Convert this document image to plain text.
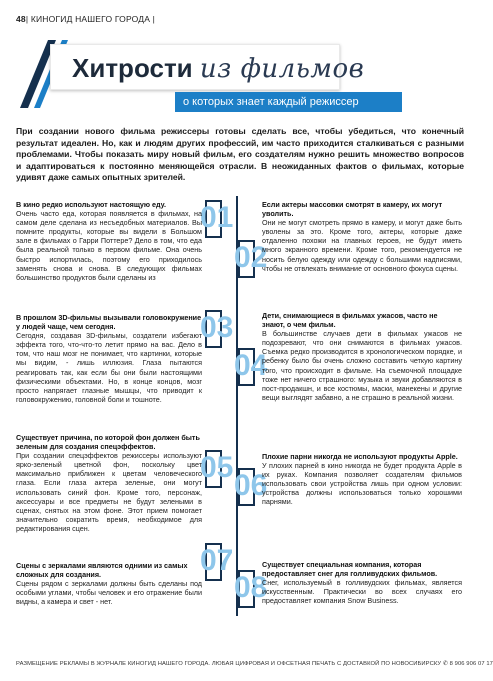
48| КИНОГИД НАШЕГО ГОРОДА |
Хитрости из фильмов
о которых знает каждый режиссер
При создании нового фильма режиссеры готовы сделать все, чтобы убедиться, что конечный результат идеален. Но, как и людям других профессий, им часто приходится сталкиваться с разными проблемами. Чтобы показать миру новый фильм, его создателям нужно решить множество вопросов и адаптироваться к постоянно меняющейся отрасли. В неожиданных фактов о фильмах, которые удивят даже самых опытных зрителей.
01
02
03
04
05
06
07
08
В кино редко используют настоящую еду.
Очень часто еда, которая появляется в фильмах, на самом деле сделана из несъедобных материалов. Вы помните продукты, которые вы видели в Большом зале в фильмах о Гарри Поттере? Дело в том, что еда была реальной только в первом фильме. Она очень быстро испортилась, поэтому его приходилось заменять снова и снова. В следующих фильмах большинство продуктов были сделаны из
В прошлом 3D-фильмы вызывали головокружение у людей чаще, чем сегодня.
Сегодня, создавая 3D-фильмы, создатели избегают эффекта того, что-что-то летит прямо на вас. Дело в том, что наш мозг не понимает, что картинки, которые мы видим, - лишь иллюзия. Глаза пытаются реагировать так, как если бы они были настоящими физическими объектами. Но, в конце концов, мозг просто напрягает глазные мышцы, что приводит к головокружению, головной боли и тошноте.
Существует причина, по которой фон должен быть зеленым для создания спецэффектов.
При создании спецэффектов режиссеры используют ярко-зеленый цветной фон, поскольку цвет максимально приближен к цветам человеческого глаза. Если глаза актера зеленые, они могут использовать синий фон. Кроме того, персонаж, аксессуары и все предметы не будут зелеными в сценах, снятых на этом фоне. Этот прием помогает значительно сократить время, необходимое для редактирования сцен.
Сцены с зеркалами являются одними из самых сложных для создания.
Сцены рядом с зеркалами должны быть сделаны под особыми углами, чтобы человек и его отражение были видны, а камера и свет - нет.
Если актеры массовки смотрят в камеру, их могут уволить.
Они не могут смотреть прямо в камеру, и могут даже быть уволены за это. Кроме того, актеры, которые даже отдаленно похожи на главных героев, не будут иметь много экранного времени. Кроме того, рекомендуется не носить белую одежду или одежду с большими надписями, чтобы не отвлекать внимание от основного фокуса сцены.
Дети, снимающиеся в фильмах ужасов, часто не знают, о чем фильм.
В большинстве случаев дети в фильмах ужасов не подозревают, что они снимаются в фильмах ужасов. Съемка редко производится в хронологическом порядке, и ребенку было бы очень сложно составить четкую картину того, что происходит в фильме. На съемочной площадке тоже нет ничего страшного: музыка и звуки добавляются в пост-продакшн, и все костюмы, маски, манекены и другие вещи выглядят забавно, а не страшно в реальной жизни.
Плохие парни никогда не используют продукты Apple.
У плохих парней в кино никогда не будет продукта Apple в их руках. Компания позволяет создателям фильмов использовать свои устройства лишь при одном условии: устройства должны использоваться только хорошими парнями.
Существует специальная компания, которая предоставляет снег для голливудских фильмов.
Снег, используемый в голливудских фильмах, является искусственным. Практически во всех случаях его предоставляет компания Snow Business.
РАЗМЕЩЕНИЕ РЕКЛАМЫ В ЖУРНАЛЕ КИНОГИД НАШЕГО ГОРОДА. ЛЮБАЯ ЦИФРОВАЯ И ОФСЕТНАЯ ПЕЧАТЬ С ДОСТАВКОЙ ПО НОВОСИБИРСКУ ✆ 8 906 906 07 17
